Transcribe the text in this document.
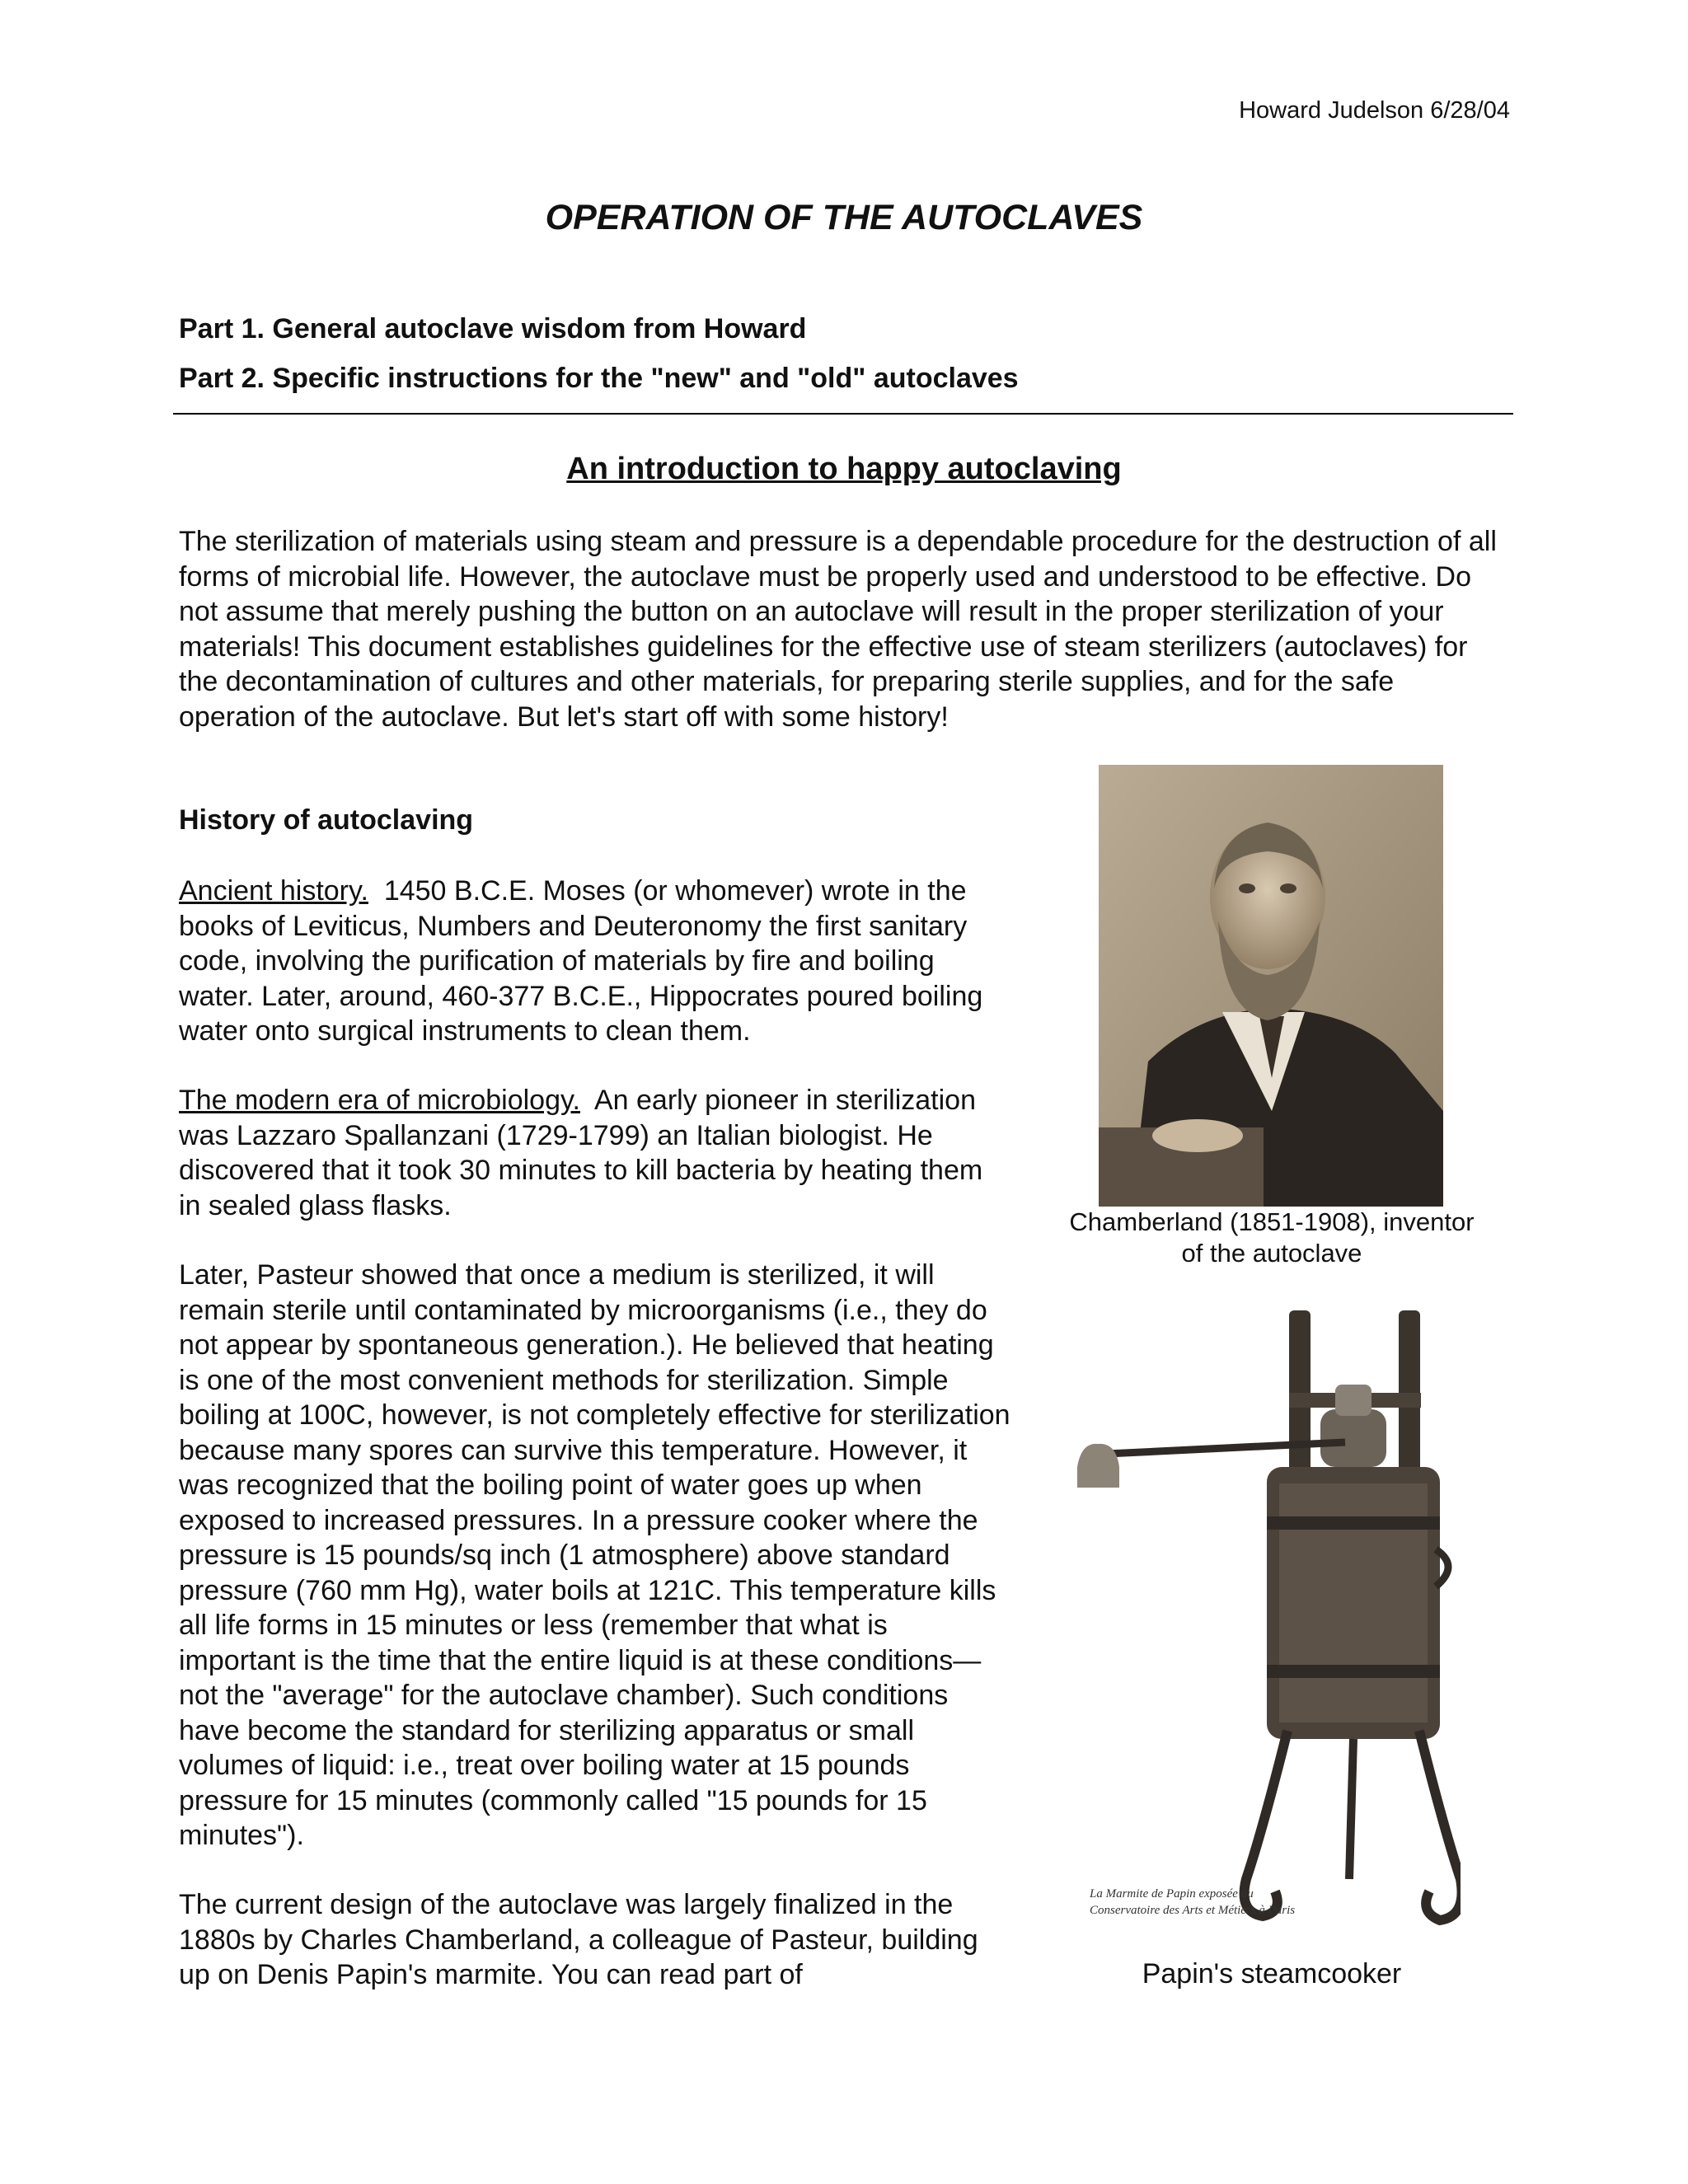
Howard Judelson 6/28/04
OPERATION OF THE AUTOCLAVES
Part 1. General autoclave wisdom from Howard
Part 2. Specific instructions for the "new" and "old" autoclaves
An introduction to happy autoclaving
The sterilization of materials using steam and pressure is a dependable procedure for the destruction of all forms of microbial life. However, the autoclave must be properly used and understood to be effective. Do not assume that merely pushing the button on an autoclave will result in the proper sterilization of your materials! This document establishes guidelines for the effective use of steam sterilizers (autoclaves) for the decontamination of cultures and other materials, for preparing sterile supplies, and for the safe operation of the autoclave. But let's start off with some history!
History of autoclaving
Ancient history. 1450 B.C.E. Moses (or whomever) wrote in the books of Leviticus, Numbers and Deuteronomy the first sanitary code, involving the purification of materials by fire and boiling water. Later, around, 460-377 B.C.E., Hippocrates poured boiling water onto surgical instruments to clean them.
The modern era of microbiology. An early pioneer in sterilization was Lazzaro Spallanzani (1729-1799) an Italian biologist. He discovered that it took 30 minutes to kill bacteria by heating them in sealed glass flasks.
Later, Pasteur showed that once a medium is sterilized, it will remain sterile until contaminated by microorganisms (i.e., they do not appear by spontaneous generation.). He believed that heating is one of the most convenient methods for sterilization. Simple boiling at 100C, however, is not completely effective for sterilization because many spores can survive this temperature. However, it was recognized that the boiling point of water goes up when exposed to increased pressures. In a pressure cooker where the pressure is 15 pounds/sq inch (1 atmosphere) above standard pressure (760 mm Hg), water boils at 121C. This temperature kills all life forms in 15 minutes or less (remember that what is important is the time that the entire liquid is at these conditions—not the "average" for the autoclave chamber). Such conditions have become the standard for sterilizing apparatus or small volumes of liquid: i.e., treat over boiling water at 15 pounds pressure for 15 minutes (commonly called "15 pounds for 15 minutes").
The current design of the autoclave was largely finalized in the 1880s by Charles Chamberland, a colleague of Pasteur, building up on Denis Papin's marmite. You can read part of
Chamberland (1851-1908), inventor of the autoclave
La Marmite de Papin exposée au
Conservatoire des Arts et Métiers à Paris
Papin's steamcooker
